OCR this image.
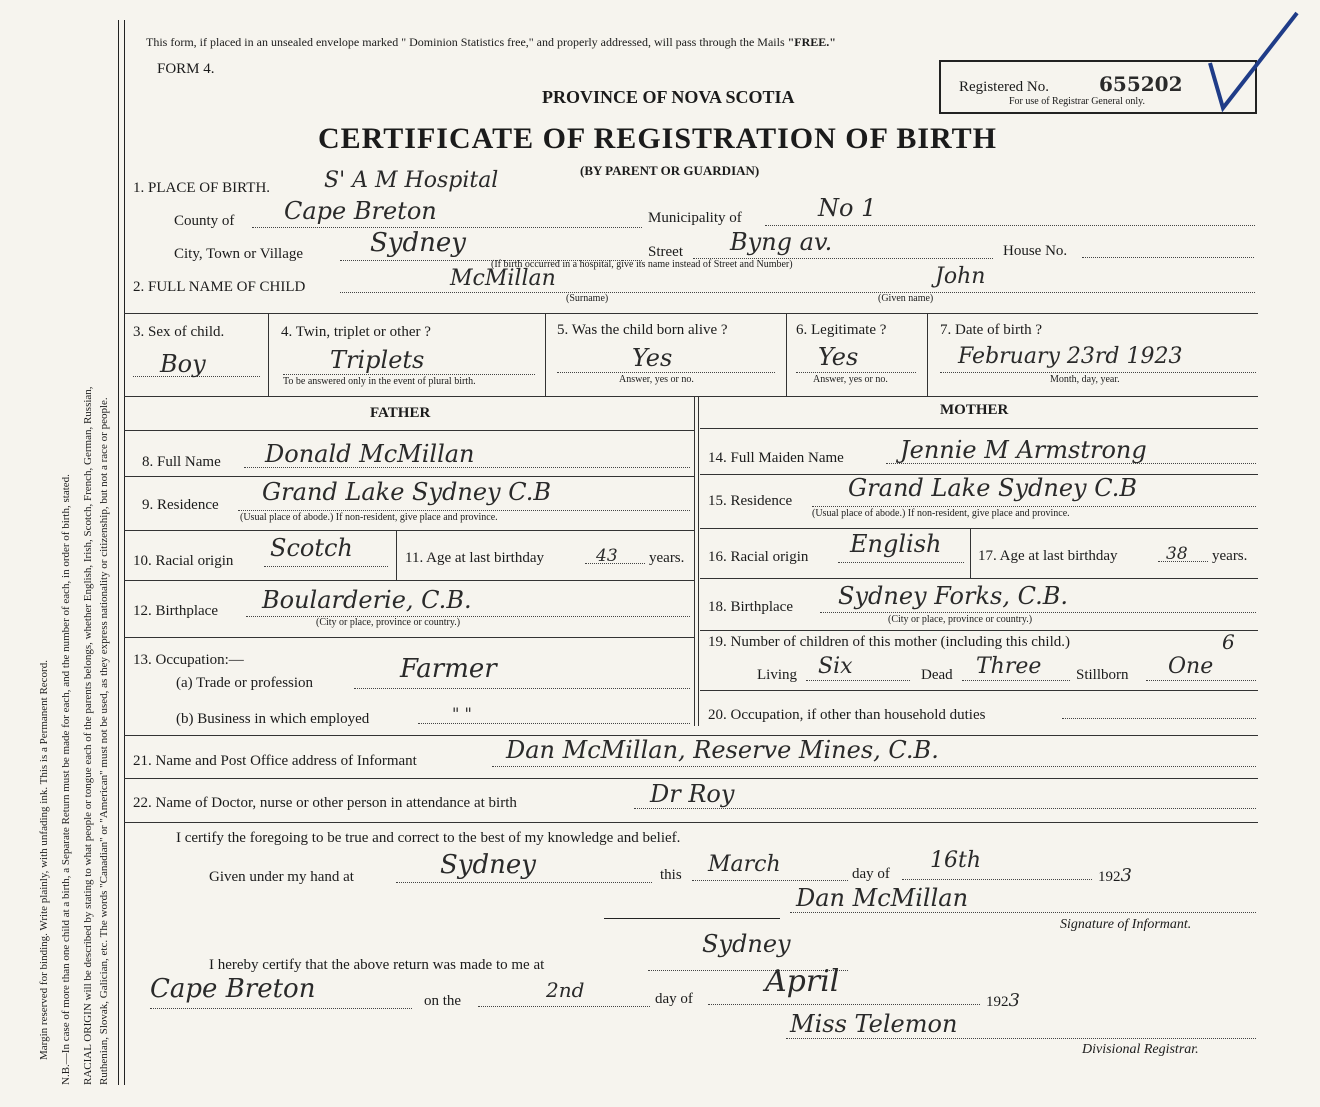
Margin reserved for binding. Write plainly, with unfading ink. This is a Permanent Record. N.B.—In case of more than one child at a birth, a Separate Return must be made for each, and the number of each, in order of birth, stated. RACIAL ORIGIN will be described by stating to what people or tongue each of the parents belongs, whether English, Irish, Scotch, French, German, Russian, Ruthenian, Slovak, Galician, etc. The words "Canadian" or "American" must not be used, as they express nationality or citizenship, but not a race or people.
This form, if placed in an unsealed envelope marked " Dominion Statistics free," and properly addressed, will pass through the Mails "FREE."
FORM 4.
PROVINCE OF NOVA SCOTIA	Registered No.	655202
For use of Registrar General only.
CERTIFICATE OF REGISTRATION OF BIRTH
(BY PARENT OR GUARDIAN)
1. PLACE OF BIRTH. S' A M Hospital
County of Cape Breton	Municipality of	No 1
City, Town or Village	Sydney	Street Byng av.	House No.
(If birth occurred in a hospital, give its name instead of Street and Number)
2. FULL NAME OF CHILD	McMillan
(Surname)
John
(Given name)
3. Sex of child.
Boy
4. Twin, triplet or other ?
Triplets
To be answered only in the event of plural birth.
5. Was the child born alive ?
Yes
Answer, yes or no.
6. Legitimate ?
Yes
Answer, yes or no.
7. Date of birth ?
February 23rd 1923
Month, day, year.
FATHER	MOTHER
8. Full Name Donald McMillan
9. Residence Grand Lake Sydney C.B
(Usual place of abode.) If non-resident, give place and province.
10. Racial origin Scotch	11. Age at last birthday	43 years.
12. Birthplace Boularderie, C.B.
(City or place, province or country.)
13. Occupation:—
(a) Trade or profession	Farmer
(b) Business in which employed	" "
14. Full Maiden Name Jennie M Armstrong
15. Residence Grand Lake Sydney C.B
(Usual place of abode.) If non-resident, give place and province.
16. Racial origin English 17. Age at last birthday	38 years.
18. Birthplace Sydney Forks, C.B.
(City or place, province or country.)
19. Number of children of this mother (including this child.)	6
Living Six	Dead Three Stillborn One
20. Occupation, if other than household duties
21. Name and Post Office address of Informant	Dan McMillan, Reserve Mines, C.B.
22. Name of Doctor, nurse or other person in attendance at birth	Dr Roy
I certify the foregoing to be true and correct to the best of my knowledge and belief.
Given under my hand at	Sydney	this March	day of
16th
1923
Dan McMillan
Signature of Informant.
I hereby certify that the above return was made to me at
Sydney
Cape Breton	on the	2nd	day of April
1923
Miss Telemon
Divisional Registrar.
